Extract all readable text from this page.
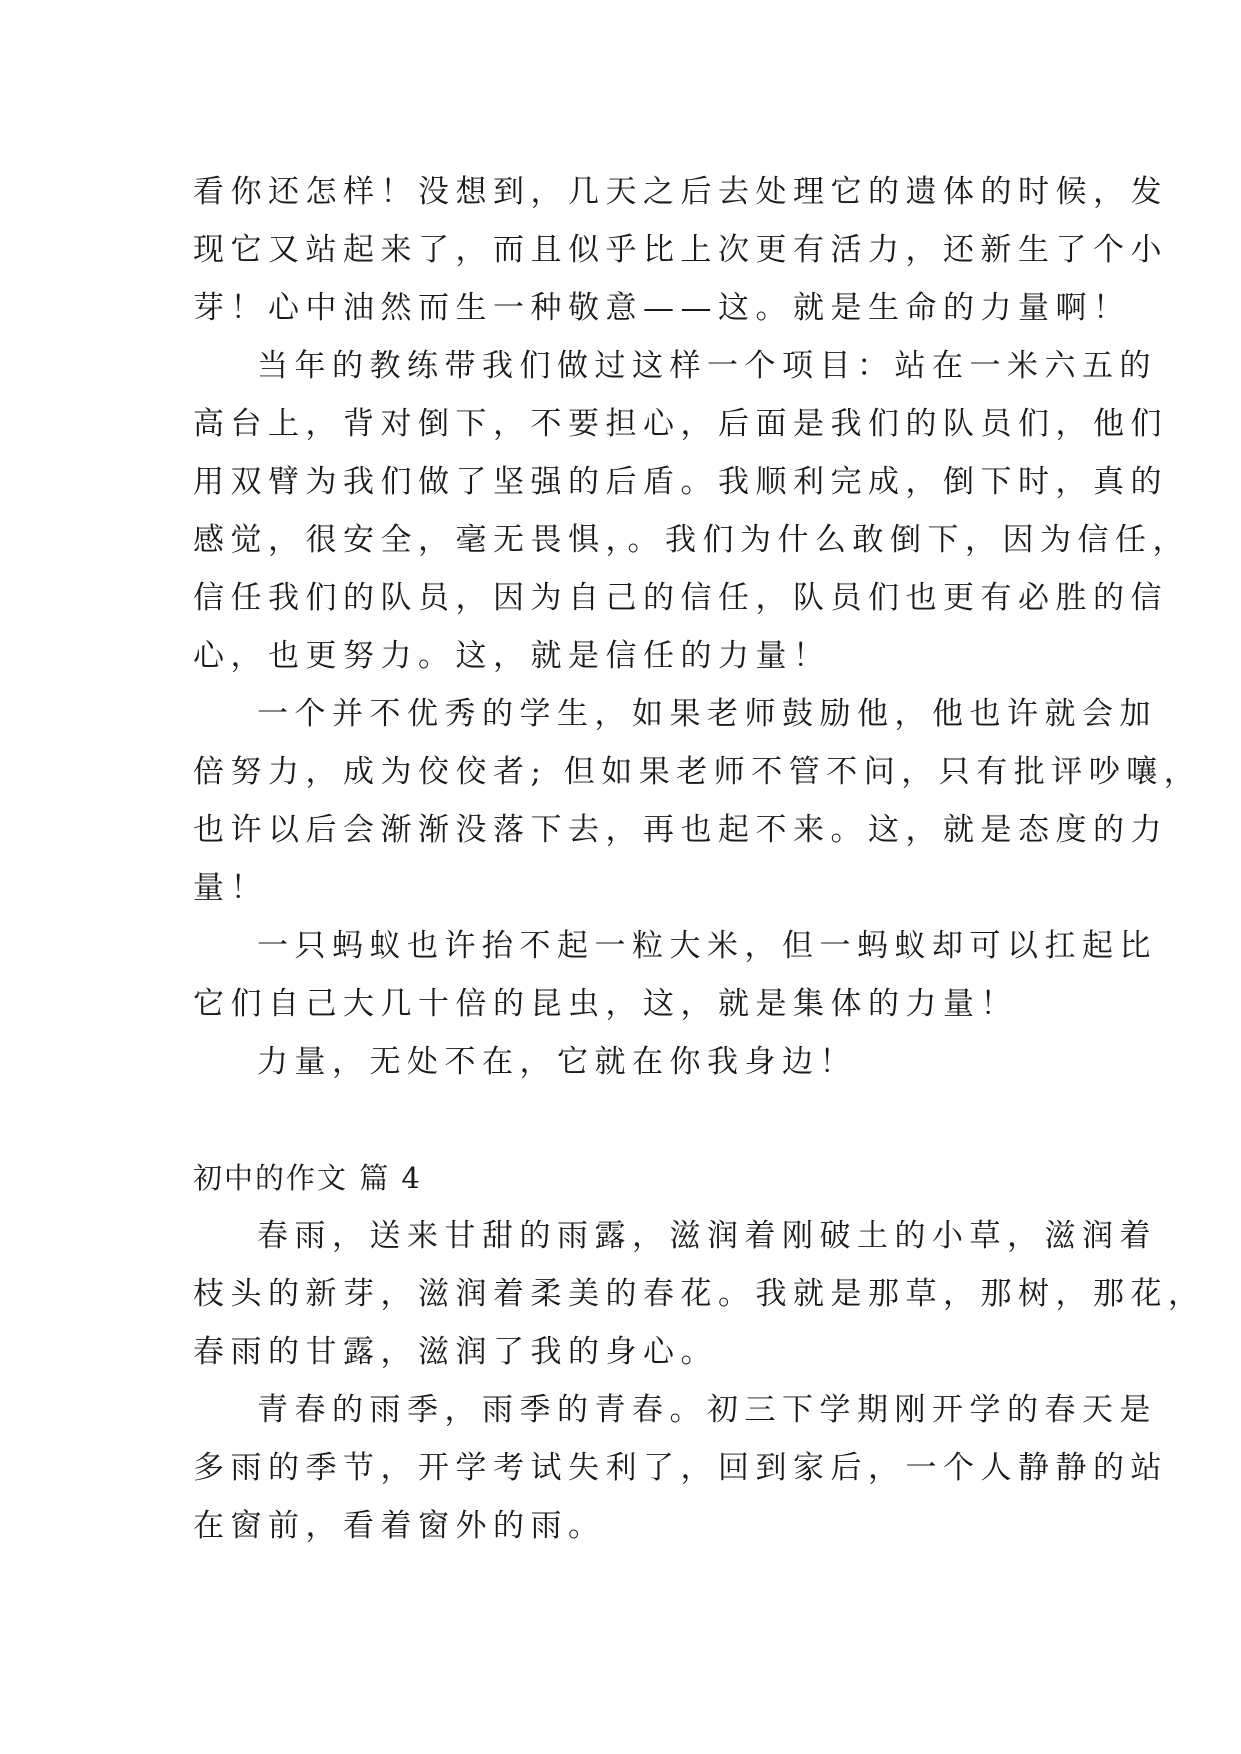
看你还怎样！没想到，几天之后去处理它的遗体的时候，发
现它又站起来了，而且似乎比上次更有活力，还新生了个小
芽！心中油然而生一种敬意——这。就是生命的力量啊！
当年的教练带我们做过这样一个项目：站在一米六五的
高台上，背对倒下，不要担心，后面是我们的队员们，他们
用双臂为我们做了坚强的后盾。我顺利完成，倒下时，真的
感觉，很安全，毫无畏惧，。我们为什么敢倒下，因为信任，
信任我们的队员，因为自己的信任，队员们也更有必胜的信
心，也更努力。这，就是信任的力量！
一个并不优秀的学生，如果老师鼓励他，他也许就会加
倍努力，成为佼佼者; 但如果老师不管不问，只有批评吵嚷，
也许以后会渐渐没落下去，再也起不来。这，就是态度的力
量！
一只蚂蚁也许抬不起一粒大米，但一蚂蚁却可以扛起比
它们自己大几十倍的昆虫，这，就是集体的力量！
力量，无处不在，它就在你我身边！
初中的作文 篇 4
春雨，送来甘甜的雨露，滋润着刚破土的小草，滋润着
枝头的新芽，滋润着柔美的春花。我就是那草，那树，那花，
春雨的甘露，滋润了我的身心。
青春的雨季，雨季的青春。初三下学期刚开学的春天是
多雨的季节，开学考试失利了，回到家后，一个人静静的站
在窗前，看着窗外的雨。
